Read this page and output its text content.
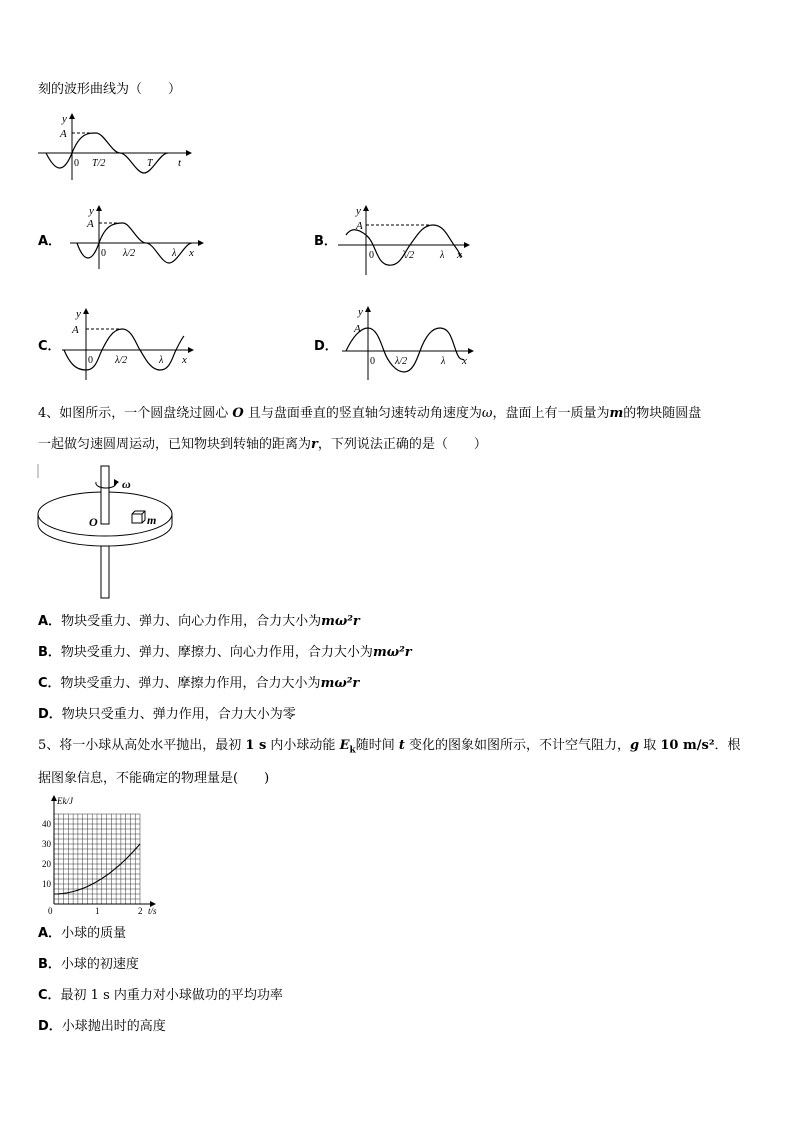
刻的波形曲线为（　　）
y
A
0 T/2	T t
A．
y
A
0 λ/2	λ x
B．
y
A
0	λ/2	λ x
C．
y
A
0 λ/2	λ x
D．
y
A
0 λ/2	λ x
4、如图所示，一个圆盘绕过圆心 O 且与盘面垂直的竖直轴匀速转动角速度为ω，盘面上有一质量为m的物块随圆盘
一起做匀速圆周运动，已知物块到转轴的距离为r，下列说法正确的是（　　）
ω
O	m
A．物块受重力、弹力、向心力作用，合力大小为mω²r
B．物块受重力、弹力、摩擦力、向心力作用，合力大小为mω²r
C．物块受重力、弹力、摩擦力作用，合力大小为mω²r
D．物块只受重力、弹力作用，合力大小为零
5、将一小球从高处水平抛出，最初 1 s 内小球动能 $E_k$随时间 t 变化的图象如图所示，不计空气阻力，g 取 10 m/s²．根
据图象信息，不能确定的物理量是(　　)
10
20
30
40
0	1	2
Ek/J
t/s
A．小球的质量
B．小球的初速度
C．最初 1 s 内重力对小球做功的平均功率
D．小球抛出时的高度
